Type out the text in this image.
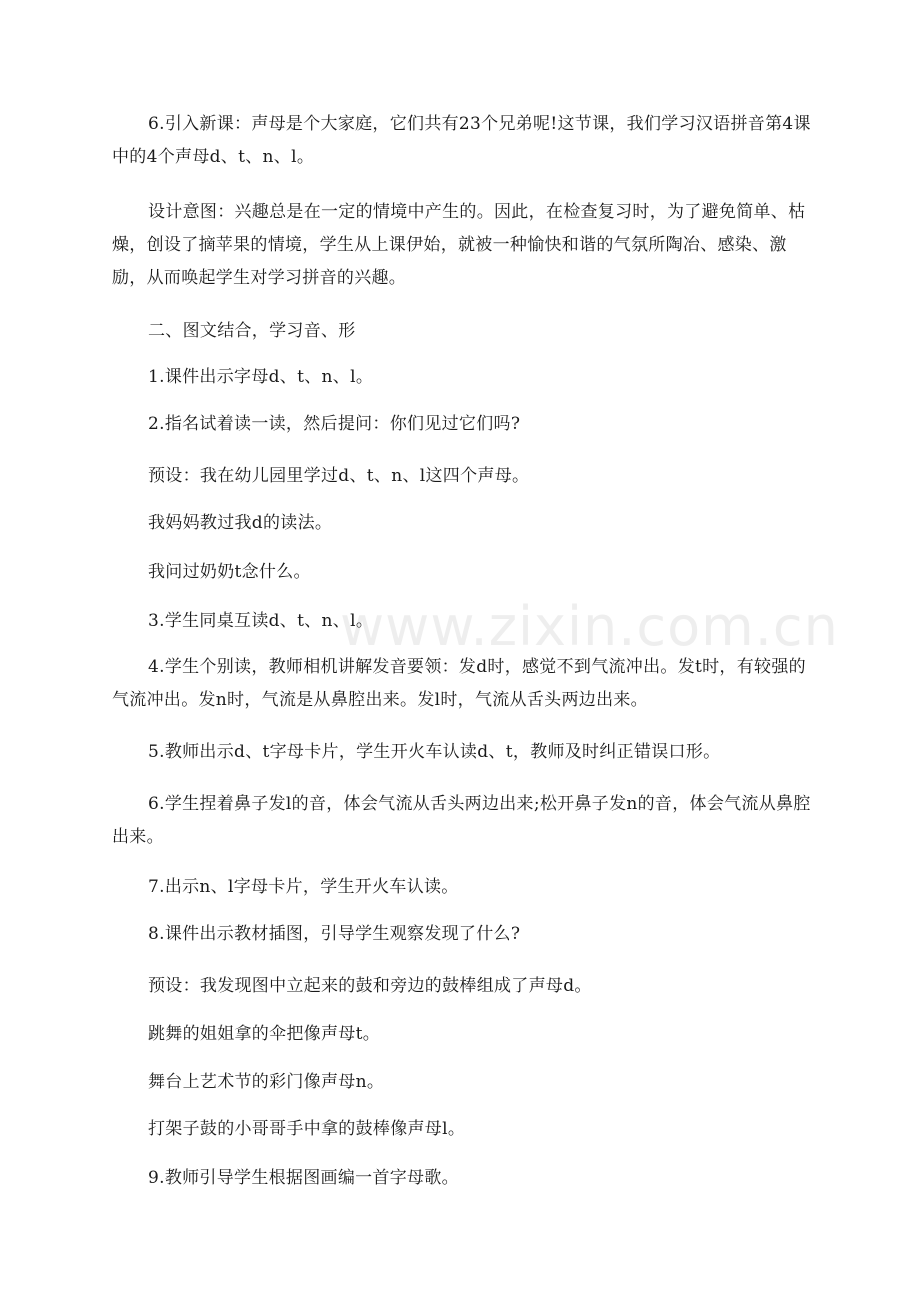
6.引入新课：声母是个大家庭，它们共有23个兄弟呢!这节课，我们学习汉语拼音第4课中的4个声母d、t、n、l。

设计意图：兴趣总是在一定的情境中产生的。因此，在检查复习时，为了避免简单、枯燥，创设了摘苹果的情境，学生从上课伊始，就被一种愉快和谐的气氛所陶冶、感染、激励，从而唤起学生对学习拼音的兴趣。

二、图文结合，学习音、形

1.课件出示字母d、t、n、l。

2.指名试着读一读，然后提问：你们见过它们吗?

预设：我在幼儿园里学过d、t、n、l这四个声母。

我妈妈教过我d的读法。

我问过奶奶t念什么。

3.学生同桌互读d、t、n、l。

4.学生个别读，教师相机讲解发音要领：发d时，感觉不到气流冲出。发t时，有较强的气流冲出。发n时，气流是从鼻腔出来。发l时，气流从舌头两边出来。

5.教师出示d、t字母卡片，学生开火车认读d、t，教师及时纠正错误口形。

6.学生捏着鼻子发l的音，体会气流从舌头两边出来;松开鼻子发n的音，体会气流从鼻腔出来。

7.出示n、l字母卡片，学生开火车认读。

8.课件出示教材插图，引导学生观察发现了什么?

预设：我发现图中立起来的鼓和旁边的鼓棒组成了声母d。

跳舞的姐姐拿的伞把像声母t。

舞台上艺术节的彩门像声母n。

打架子鼓的小哥哥手中拿的鼓棒像声母l。

9.教师引导学生根据图画编一首字母歌。

www.zixin.com.cn
